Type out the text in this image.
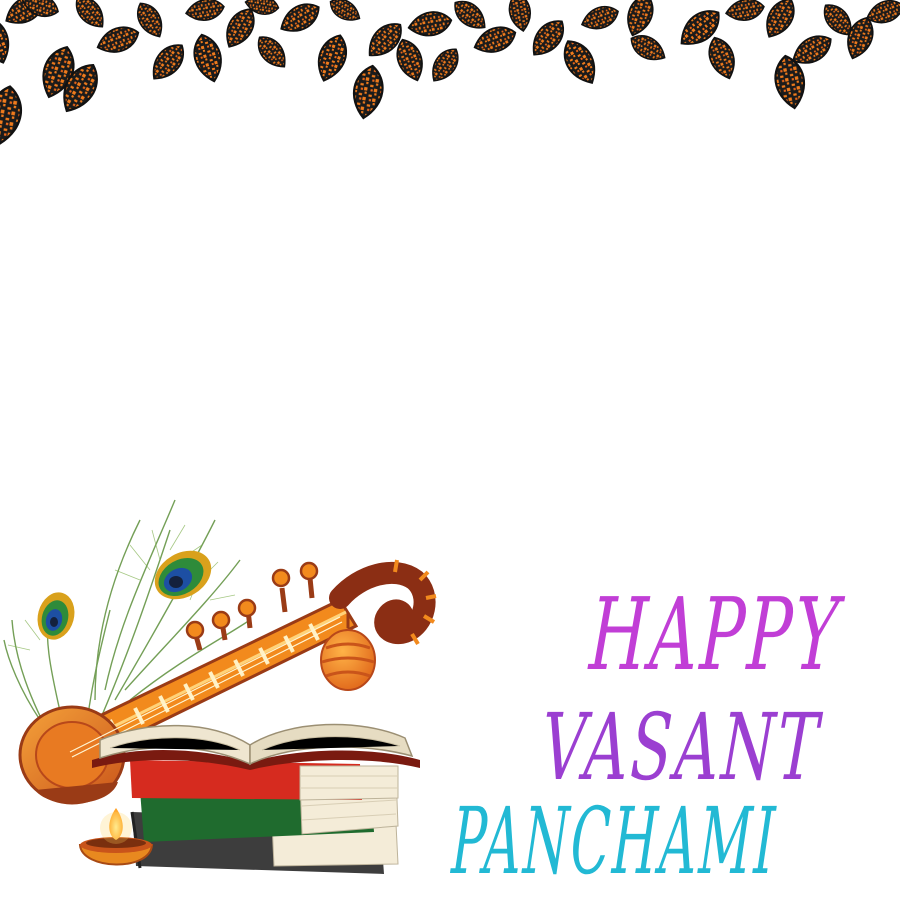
HAPPY
VASANT
PANCHAMI
